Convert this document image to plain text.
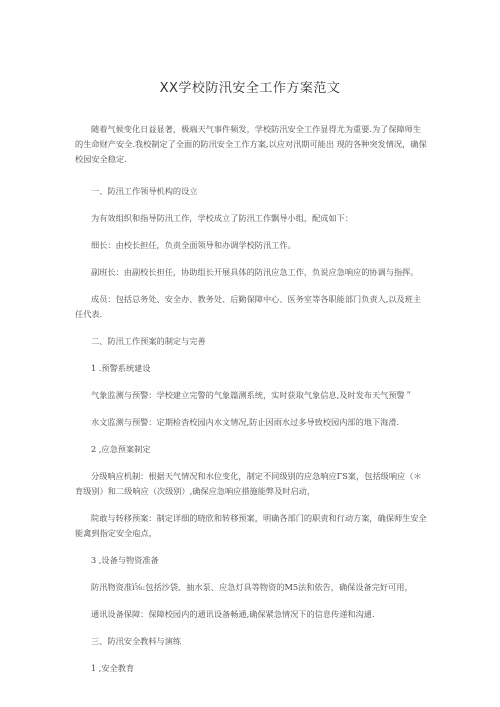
XX学校防汛安全工作方案范文
随着气候变化日益显著，极端天气事件频发，学校防汛安全工作显得尤为重要.为了保障师生的生命财产安全.我校制定了全面的防汛安全工作方案,以应对汛期可能出 现的各种突发情况，确保校园安全稳定.
一、防汛工作领导机构的设立
为有效组织和指导防汛工作，学校成立了防汛工作飘导小组，配成如下：
细长：由校长担任，负责全面领导和办调学校防汛工作。
副班长：由副校长担任，协助组长开展具体的防汛应急工作，负说应急响应的协调与指挥。
成员：包括总务处、安全办、教务处、后勤保障中心、医务室等各职能部门负责人,以及班主任代表.
二、防汛工作预案的制定与完善
1 .预警系统建设
气象监测与预警：学校建立完警的气象篇测系统，实时获取气象信息,及时发布天气预警＂
水文监测与预警：定期检杳校园内水文情况,防止因雨水过多导致校园内部的地下海滑.
2 ,应急预案制定
分级响应机制：根据天气情况和水位变化，制定不同级别的应急响应ΓS案，包括级响应（＊育级别）和二级响应（次级别）,确保应急响应措施能弊及时启动，
院敢与转移预案：制定详细的晓欣和转移预案，明确各部门的职责和行动方案，确保师生安全能禽到指定安全庖点，
3 ,设备与物资准备
防汛物资准ì⅝:包括沙袋、抽水泵、应急灯具等物资的M5法和依告，确保设备完好可用，
通讯设备保障：保障校园内的通讯设备畅通,确保紧急情况下的信息传递和沟通.
三、防汛安全教料与演练
1 ,安全教育
